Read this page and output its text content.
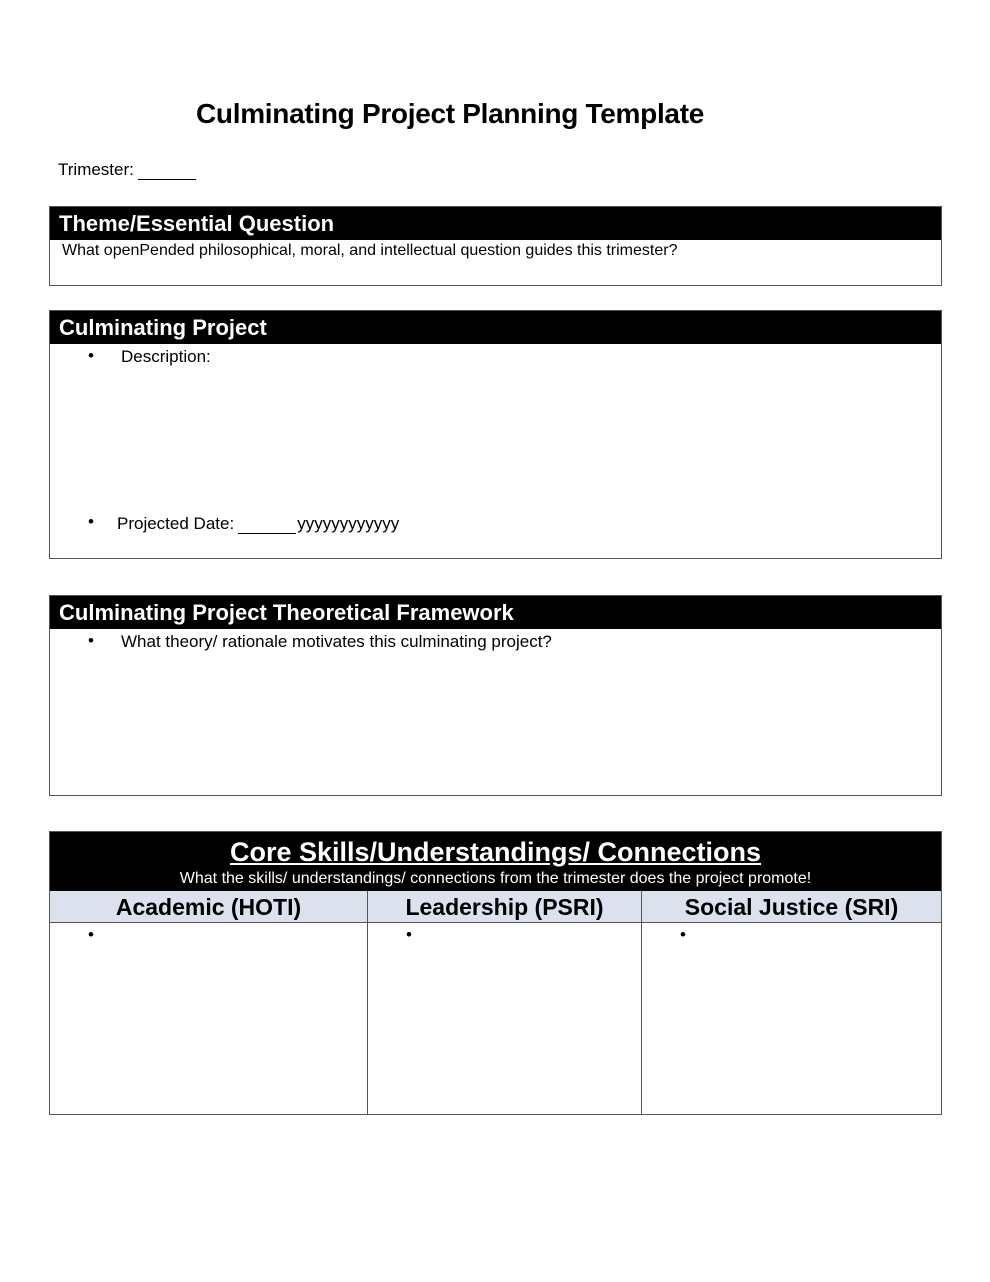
Culminating Project Planning Template
Trimester:
Theme/Essential Question
What openPended philosophical, moral, and intellectual question guides this trimester?
Culminating Project
• Description:
• Projected Date:	yyyyyyyyyyyy
Culminating Project Theoretical Framework
• What theory/ rationale motivates this culminating project?
Core Skills/Understandings/ Connections
What the skills/ understandings/ connections from the trimester does the project promote!
Academic (HOTI)
•
Leadership (PSRI)
•
Social Justice (SRI)
•
